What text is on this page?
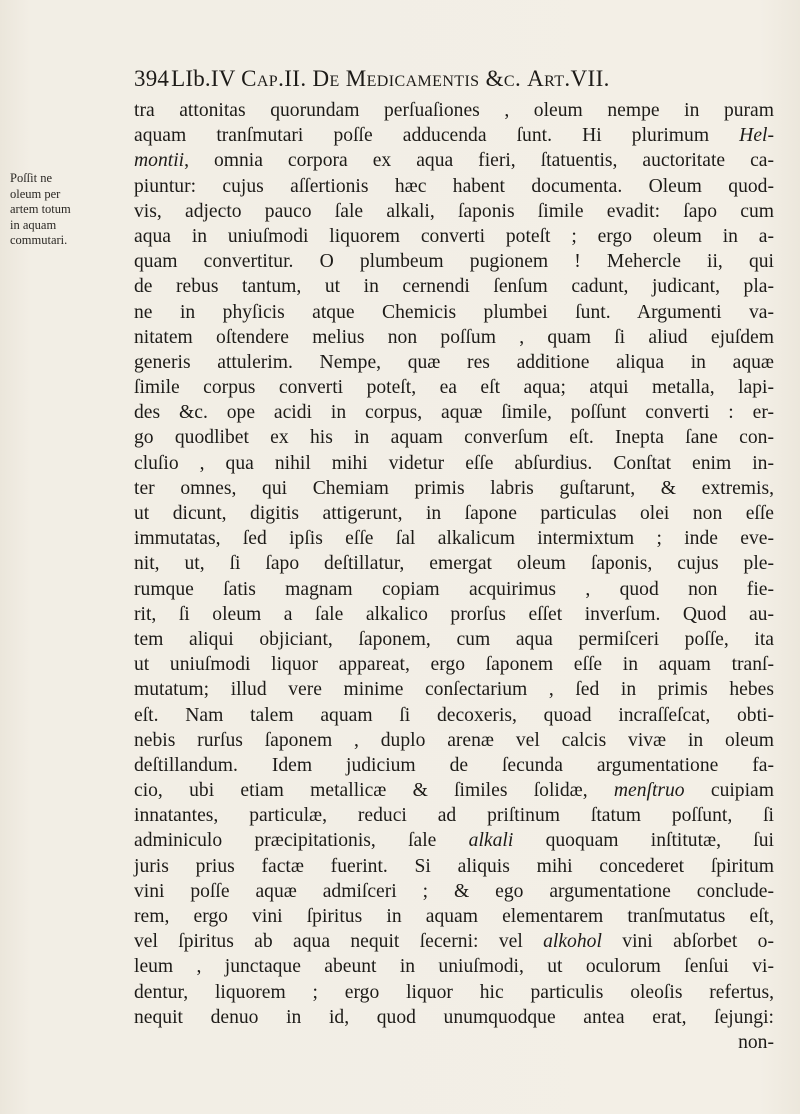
394LIb.IV Cap.II. De Medicamentis &c. Art.VII.
Poſſit ne
oleum per
artem totum
in aquam
commutari.
tra attonitas quorundam perſuaſiones , oleum nempe in puram
aquam tranſmutari poſſe adducenda ſunt. Hi plurimum Hel-
montii, omnia corpora ex aqua fieri, ſtatuentis, auctoritate ca-
piuntur: cujus aſſertionis hæc habent documenta. Oleum quod-
vis, adjecto pauco ſale alkali, ſaponis ſimile evadit: ſapo cum
aqua in uniuſmodi liquorem converti poteſt ; ergo oleum in a-
quam convertitur. O plumbeum pugionem ! Mehercle ii, qui
de rebus tantum, ut in cernendi ſenſum cadunt, judicant, pla-
ne in phyſicis atque Chemicis plumbei ſunt. Argumenti va-
nitatem oſtendere melius non poſſum , quam ſi aliud ejuſdem
generis attulerim. Nempe, quæ res additione aliqua in aquæ
ſimile corpus converti poteſt, ea eſt aqua; atqui metalla, lapi-
des &c. ope acidi in corpus, aquæ ſimile, poſſunt converti : er-
go quodlibet ex his in aquam converſum eſt. Inepta ſane con-
cluſio , qua nihil mihi videtur eſſe abſurdius. Conſtat enim in-
ter omnes, qui Chemiam primis labris guſtarunt, & extremis,
ut dicunt, digitis attigerunt, in ſapone particulas olei non eſſe
immutatas, ſed ipſis eſſe ſal alkalicum intermixtum ; inde eve-
nit, ut, ſi ſapo deſtillatur, emergat oleum ſaponis, cujus ple-
rumque ſatis magnam copiam acquirimus , quod non fie-
rit, ſi oleum a ſale alkalico prorſus eſſet inverſum. Quod au-
tem aliqui objiciant, ſaponem, cum aqua permiſceri poſſe, ita
ut uniuſmodi liquor appareat, ergo ſaponem eſſe in aquam tranſ-
mutatum; illud vere minime conſectarium , ſed in primis hebes
eſt. Nam talem aquam ſi decoxeris, quoad incraſſeſcat, obti-
nebis rurſus ſaponem , duplo arenæ vel calcis vivæ in oleum
deſtillandum. Idem judicium de ſecunda argumentatione fa-
cio, ubi etiam metallicæ & ſimiles ſolidæ, menſtruo cuipiam
innatantes, particulæ, reduci ad priſtinum ſtatum poſſunt, ſi
adminiculo præcipitationis, ſale alkali quoquam inſtitutæ, ſui
juris prius factæ fuerint. Si aliquis mihi concederet ſpiritum
vini poſſe aquæ admiſceri ; & ego argumentatione conclude-
rem, ergo vini ſpiritus in aquam elementarem tranſmutatus eſt,
vel ſpiritus ab aqua nequit ſecerni: vel alkohol vini abſorbet o-
leum , junctaque abeunt in uniuſmodi, ut oculorum ſenſui vi-
dentur, liquorem ; ergo liquor hic particulis oleoſis refertus,
nequit denuo in id, quod unumquodque antea erat, ſejungi:
non-
